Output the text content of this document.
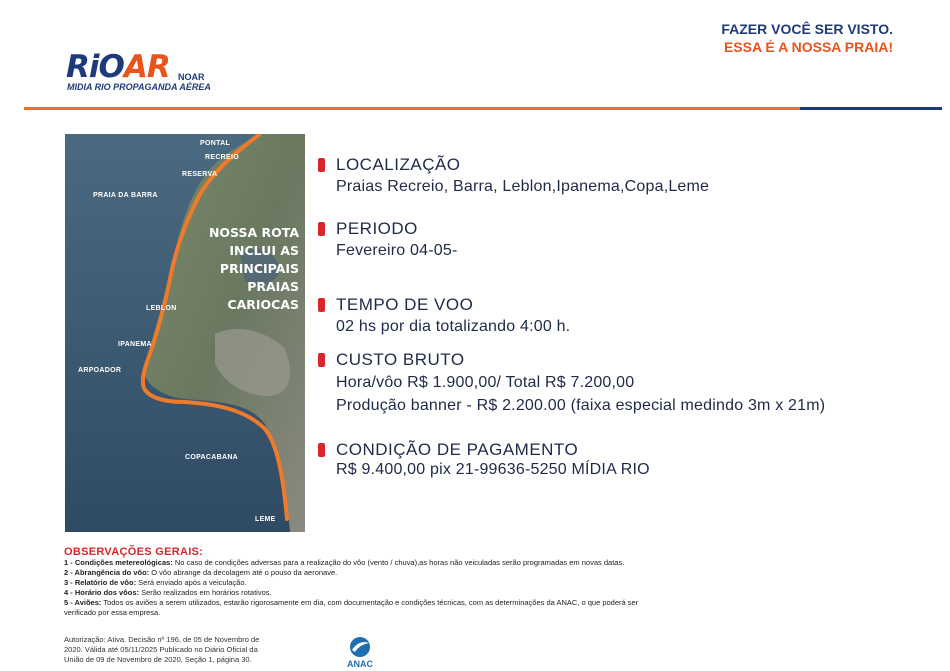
RiOAR NOAR
MIDIA RIO PROPAGANDA AÉREA
FAZER VOCÊ SER VISTO.
ESSA É A NOSSA PRAIA!
PONTAL
RECREIO
RESERVA
PRAIA DA BARRA
LEBLON
IPANEMA
ARPOADOR
COPACABANA
LEME
NOSSA ROTA
INCLUI AS
PRINCIPAIS
PRAIAS
CARIOCAS
LOCALIZAÇÃO
Praias Recreio, Barra, Leblon,Ipanema,Copa,Leme
PERIODO
Fevereiro 04-05-
TEMPO DE VOO
02 hs por dia totalizando 4:00 h.
CUSTO BRUTO
Hora/vôo R$ 1.900,00/ Total R$ 7.200,00
Produção banner - R$ 2.200.00 (faixa especial medindo 3m x 21m)
CONDIÇÃO DE PAGAMENTO
R$ 9.400,00 pix 21-99636-5250 MÍDIA RIO
OBSERVAÇÕES GERAIS:
1 - Condições metereológicas: No caso de condições adversas para a realização do vôo (vento / chuva),as horas não veiculadas serão programadas em novas datas.
2 - Abrangência do vôo: O vôo abrange da decolagem até o pouso da aeronave.
3 - Relatório de vôo: Será enviado após a veiculação.
4 - Horário dos vôos: Serão realizados em horários rotativos.
5 - Aviões: Todos os aviões a serem utilizados, estarão rigorosamente em dia, com documentação e condições técnicas, com as determinações da ANAC, o que poderá ser
verificado por essa empresa.
Autorização: Ativa. Decisão nº 196, de 05 de Novembro de
2020. Válida até 05/11/2025 Publicado no Diário Oficial da
União de 09 de Novembro de 2020, Seção 1, página 30.	ANAC
